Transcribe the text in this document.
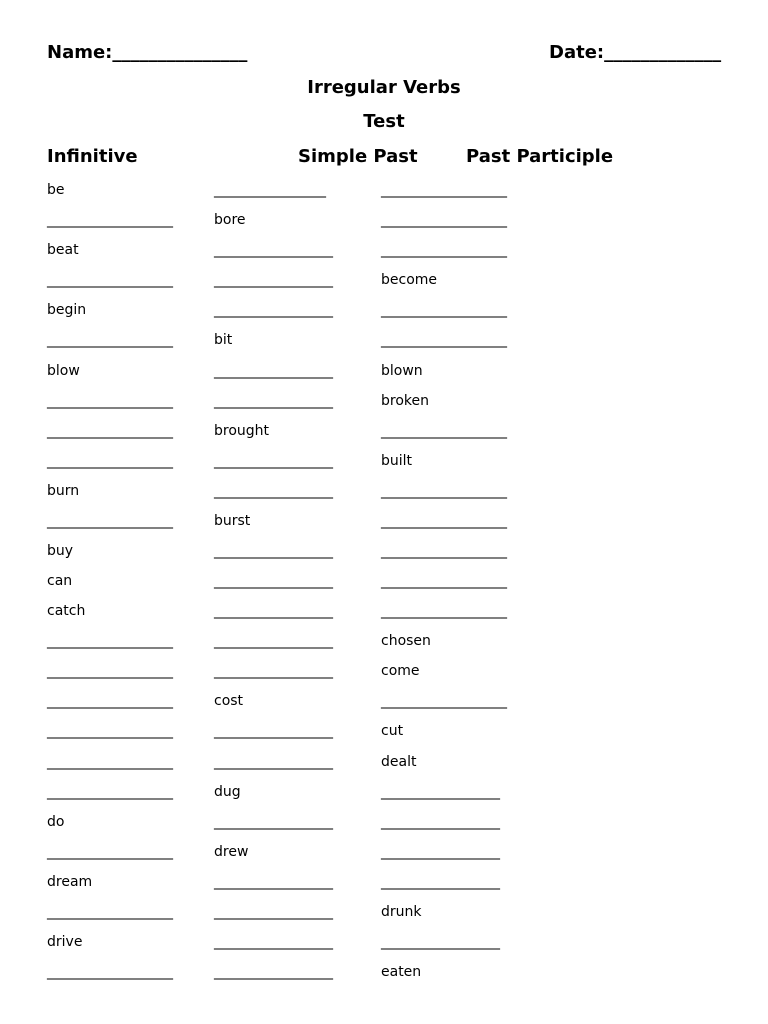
Name:_______________	Date:_____________
Irregular Verbs
Test
Infinitive	Simple Past	Past Participle
be	________________	__________________
__________________	bore	__________________
beat	_________________	__________________
__________________	_________________	become
begin	_________________	__________________
__________________	bit	__________________
blow	_________________	blown
__________________	_________________	broken
__________________	brought	__________________
__________________	_________________	built
burn	_________________	__________________
__________________	burst	__________________
buy	_________________	__________________
can	_________________	__________________
catch	_________________	__________________
__________________	_________________	chosen
__________________	_________________	come
__________________	cost	__________________
__________________	_________________	cut
__________________	_________________	dealt
__________________	dug	_________________
do	_________________	_________________
__________________	drew	_________________
dream	_________________	_________________
__________________	_________________	drunk
drive	_________________	_________________
__________________	_________________	eaten
